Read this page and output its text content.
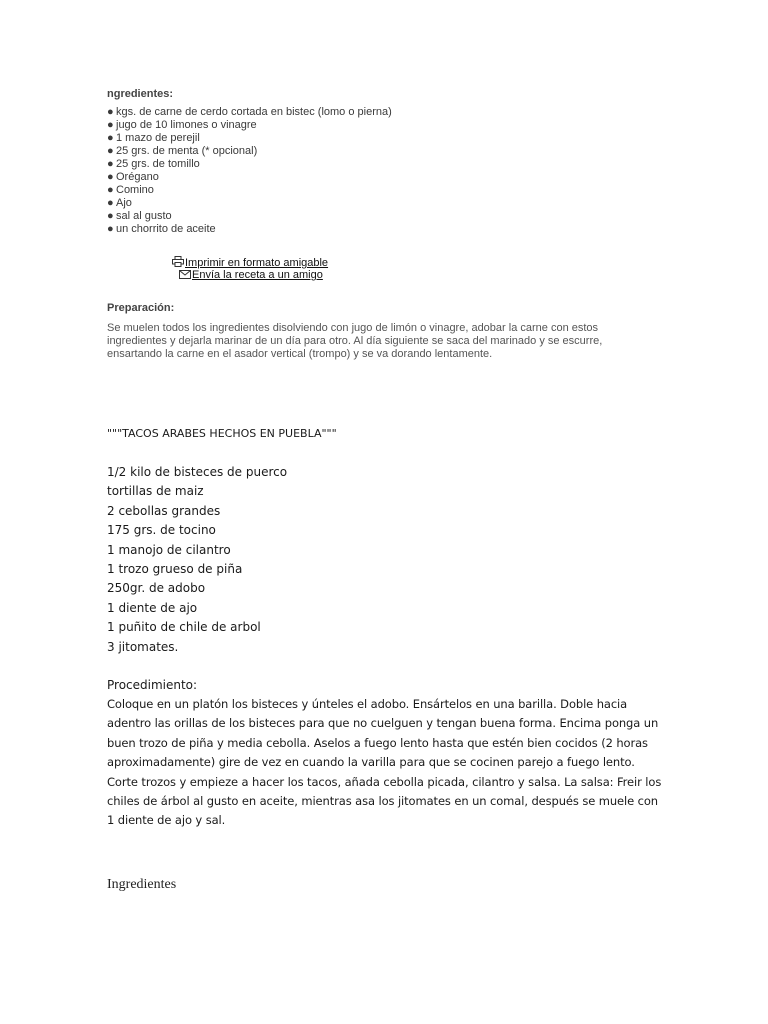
ngredientes:
● kgs. de carne de cerdo cortada en bistec (lomo o pierna)
● jugo de 10 limones o vinagre
● 1 mazo de perejil
● 25 grs. de menta (* opcional)
● 25 grs. de tomillo
● Orégano
● Comino
● Ajo
● sal al gusto
● un chorrito de aceite
Imprimir en formato amigable
Envía la receta a un amigo
Preparación:

Se muelen todos los ingredientes disolviendo con jugo de limón o vinagre, adobar la carne con estos ingredientes y dejarla marinar de un día para otro. Al día siguiente se saca del marinado y se escurre, ensartando la carne en el asador vertical (trompo) y se va dorando lentamente.

"""TACOS ARABES HECHOS EN PUEBLA"""
1/2 kilo de bisteces de puerco
tortillas de maiz
2 cebollas grandes
175 grs. de tocino
1 manojo de cilantro
1 trozo grueso de piña
250gr. de adobo
1 diente de ajo
1 puñito de chile de arbol
3 jitomates.
Procedimiento:

Coloque en un platón los bisteces y únteles el adobo. Ensártelos en una barilla. Doble hacia adentro las orillas de los bisteces para que no cuelguen y tengan buena forma. Encima ponga un buen trozo de piña y media cebolla. Aselos a fuego lento hasta que estén bien cocidos (2 horas aproximadamente) gire de vez en cuando la varilla para que se cocinen parejo a fuego lento. Corte trozos y empieze a hacer los tacos, añada cebolla picada, cilantro y salsa. La salsa: Freir los chiles de árbol al gusto en aceite, mientras asa los jitomates en un comal, después se muele con 1 diente de ajo y sal.

Ingredientes
